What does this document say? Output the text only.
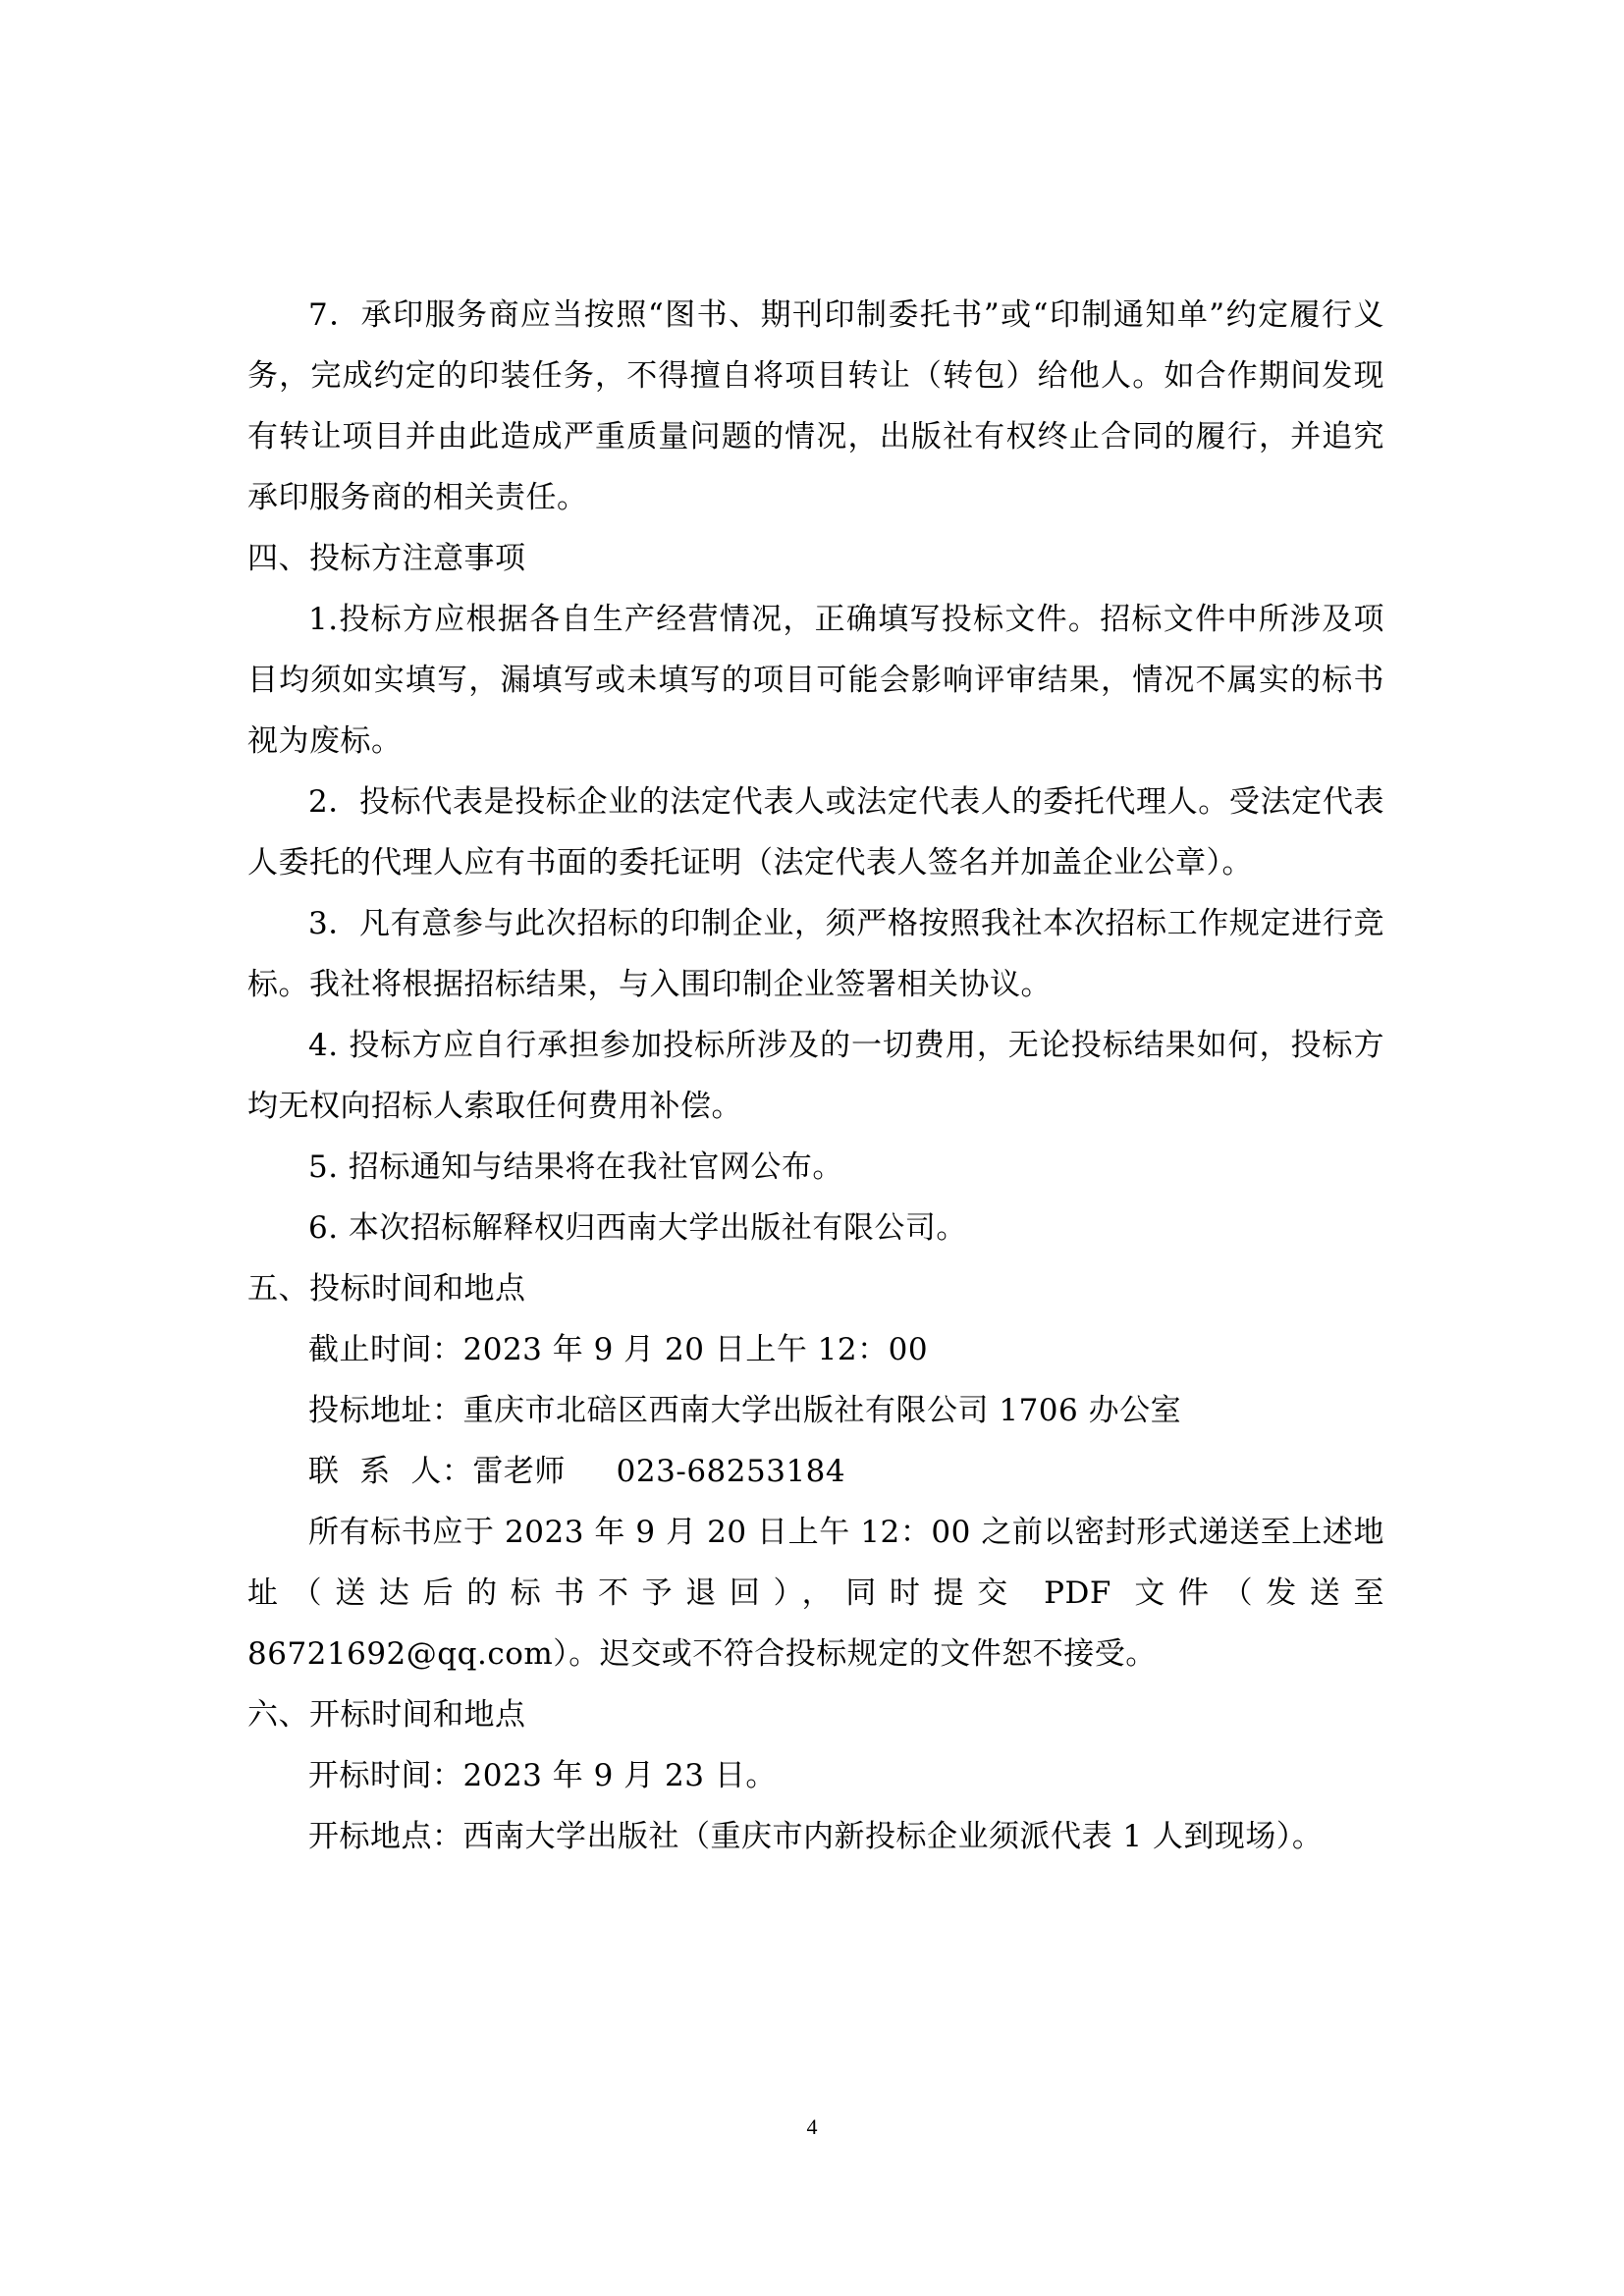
7．承印服务商应当按照“图书、期刊印制委托书”或“印制通知单”约定履行义务，完成约定的印装任务，不得擅自将项目转让（转包）给他人。如合作期间发现有转让项目并由此造成严重质量问题的情况，出版社有权终止合同的履行，并追究承印服务商的相关责任。

四、投标方注意事项

1.投标方应根据各自生产经营情况，正确填写投标文件。招标文件中所涉及项目均须如实填写，漏填写或未填写的项目可能会影响评审结果，情况不属实的标书视为废标。

2．投标代表是投标企业的法定代表人或法定代表人的委托代理人。受法定代表人委托的代理人应有书面的委托证明（法定代表人签名并加盖企业公章）。

3．凡有意参与此次招标的印制企业，须严格按照我社本次招标工作规定进行竞标。我社将根据招标结果，与入围印制企业签署相关协议。

4. 投标方应自行承担参加投标所涉及的一切费用，无论投标结果如何，投标方均无权向招标人索取任何费用补偿。

5. 招标通知与结果将在我社官网公布。

6. 本次招标解释权归西南大学出版社有限公司。

五、投标时间和地点

截止时间：2023 年 9 月 20 日上午 12：00

投标地址：重庆市北碚区西南大学出版社有限公司 1706 办公室

联  系  人：雷老师     023-68253184

所有标书应于 2023 年 9 月 20 日上午 12：00 之前以密封形式递送至上述地址（送达后的标书不予退回），同时提交 PDF 文件（发送至 86721692@qq.com）。迟交或不符合投标规定的文件恕不接受。

六、开标时间和地点

开标时间：2023 年 9 月 23 日。

开标地点：西南大学出版社（重庆市内新投标企业须派代表 1 人到现场）。

4
